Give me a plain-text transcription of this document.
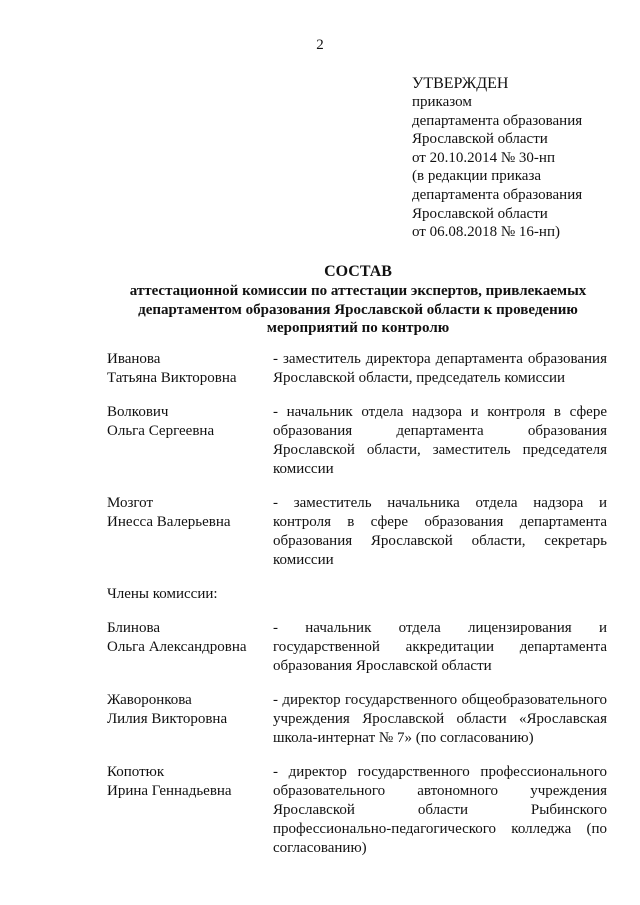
2
УТВЕРЖДЕН
приказом
департамента образования
Ярославской области
от 20.10.2014 № 30-нп
(в редакции приказа
департамента образования
Ярославской области
от 06.08.2018 № 16-нп)
СОСТАВ
аттестационной комиссии по аттестации экспертов, привлекаемых
департаментом образования Ярославской области к проведению
мероприятий по контролю
Иванова
Татьяна Викторовна
- заместитель директора департамента образования Ярославской области, председатель комиссии
Волкович
Ольга Сергеевна
- начальник отдела надзора и контроля в сфере образования департамента образования Ярославской области, заместитель председателя комиссии
Мозгот
Инесса Валерьевна
- заместитель начальника отдела надзора и контроля в сфере образования департамента образования Ярославской области, секретарь комиссии
Члены комиссии:
Блинова
Ольга Александровна
- начальник отдела лицензирования и государственной аккредитации департамента образования Ярославской области
Жаворонкова
Лилия Викторовна
- директор государственного общеобразовательного учреждения Ярославской области «Ярославская школа-интернат № 7» (по согласованию)
Копотюк
Ирина Геннадьевна
- директор государственного профессионального образовательного автономного учреждения Ярославской области Рыбинского профессионально-педагогического колледжа (по согласованию)
